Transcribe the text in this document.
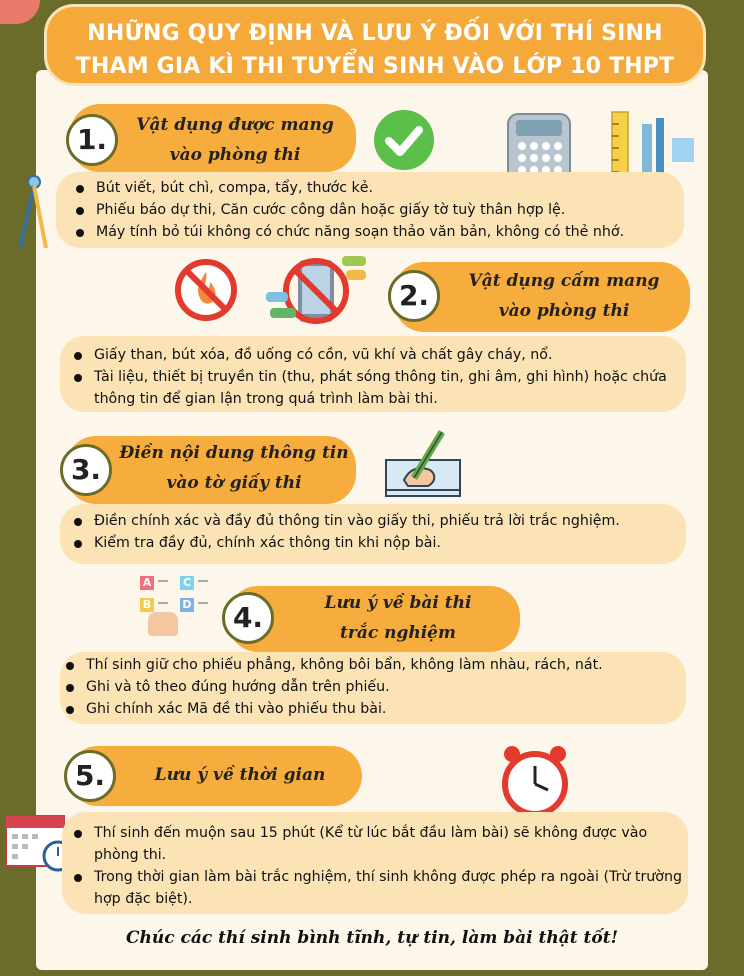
NHỮNG QUY ĐỊNH VÀ LƯU Ý ĐỐI VỚI THÍ SINH
THAM GIA KÌ THI TUYỂN SINH VÀO LỚP 10 THPT
1.	Vật dụng được mang
vào phòng thi
Bút viết, bút chì, compa, tẩy, thước kẻ.
Phiếu báo dự thi, Căn cước công dân hoặc giấy tờ tuỳ thân hợp lệ.
Máy tính bỏ túi không có chức năng soạn thảo văn bản, không có thẻ nhớ.
2.	Vật dụng cấm mang
vào phòng thi
Giấy than, bút xóa, đồ uống có cồn, vũ khí và chất gây cháy, nổ.
Tài liệu, thiết bị truyền tin (thu, phát sóng thông tin, ghi âm, ghi hình) hoặc chứa thông tin để gian lận trong quá trình làm bài thi.
3.	Điền nội dung thông tin
vào tờ giấy thi
Điền chính xác và đầy đủ thông tin vào giấy thi, phiếu trả lời trắc nghiệm.
Kiểm tra đầy đủ, chính xác thông tin khi nộp bài.
A	C
B	D	4.	Lưu ý về bài thi
trắc nghiệm
Thí sinh giữ cho phiếu phẳng, không bôi bẩn, không làm nhàu, rách, nát.
Ghi và tô theo đúng hướng dẫn trên phiếu.
Ghi chính xác Mã đề thi vào phiếu thu bài.
5.	Lưu ý về thời gian
Thí sinh đến muộn sau 15 phút (Kể từ lúc bắt đầu làm bài) sẽ không được vào phòng thi.
Trong thời gian làm bài trắc nghiệm, thí sinh không được phép ra ngoài (Trừ trường hợp đặc biệt).
Chúc các thí sinh bình tĩnh, tự tin, làm bài thật tốt!
